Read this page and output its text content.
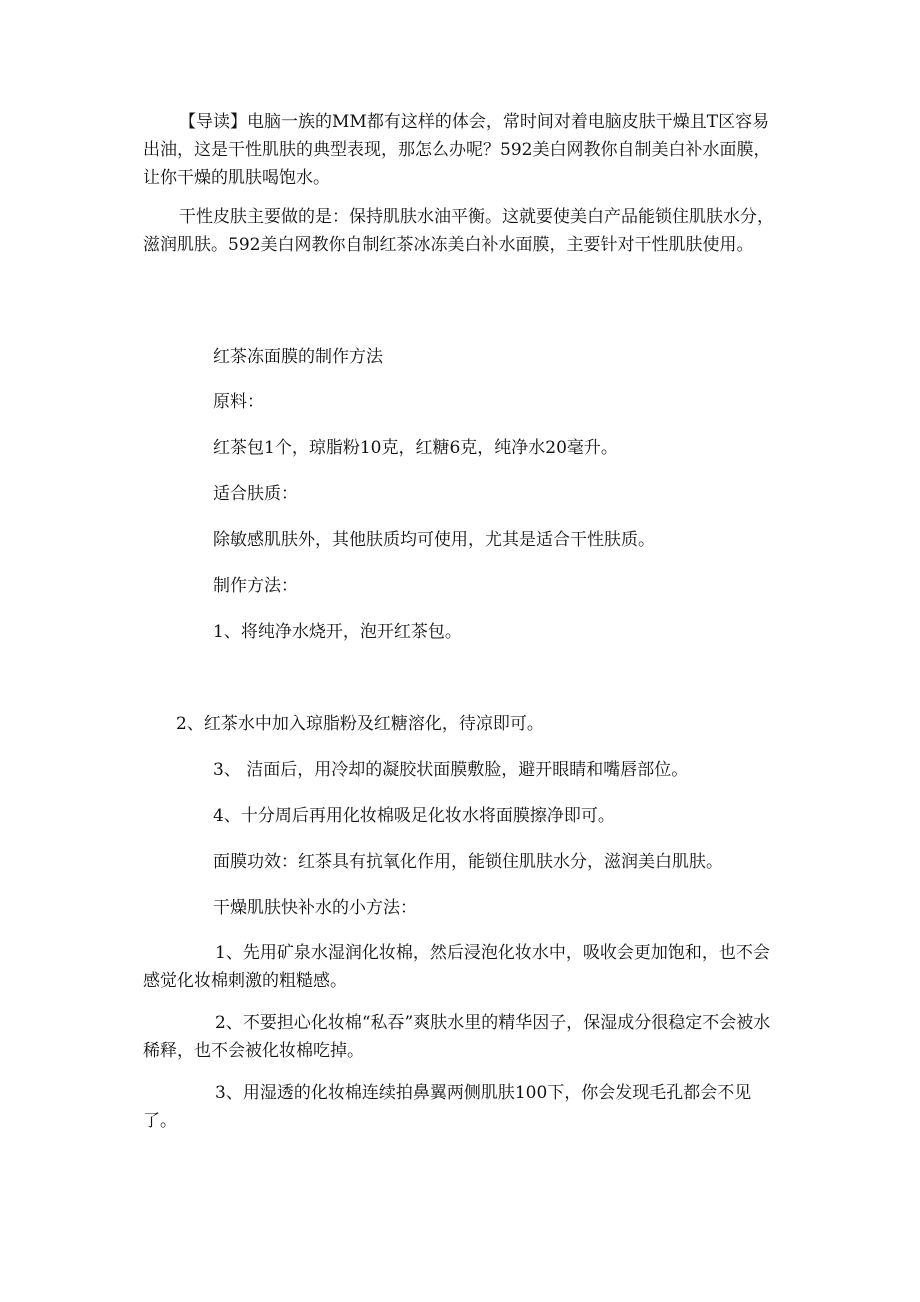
【导读】电脑一族的MM都有这样的体会，常时间对着电脑皮肤干燥且T区容易出油，这是干性肌肤的典型表现，那怎么办呢？592美白网教你自制美白补水面膜，让你干燥的肌肤喝饱水。

干性皮肤主要做的是：保持肌肤水油平衡。这就要使美白产品能锁住肌肤水分，滋润肌肤。592美白网教你自制红茶冰冻美白补水面膜，主要针对干性肌肤使用。

红茶冻面膜的制作方法

原料：

红茶包1个，琼脂粉10克，红糖6克，纯净水20毫升。

适合肤质：

除敏感肌肤外，其他肤质均可使用，尤其是适合干性肤质。

制作方法：

1、将纯净水烧开，泡开红茶包。

2、红茶水中加入琼脂粉及红糖溶化，待凉即可。

3、 洁面后，用冷却的凝胶状面膜敷脸，避开眼睛和嘴唇部位。

4、十分周后再用化妆棉吸足化妆水将面膜擦净即可。

面膜功效：红茶具有抗氧化作用，能锁住肌肤水分，滋润美白肌肤。

干燥肌肤快补水的小方法：

1、先用矿泉水湿润化妆棉，然后浸泡化妆水中，吸收会更加饱和，也不会感觉化妆棉刺激的粗糙感。

2、不要担心化妆棉“私吞”爽肤水里的精华因子，保湿成分很稳定不会被水稀释，也不会被化妆棉吃掉。

3、用湿透的化妆棉连续拍鼻翼两侧肌肤100下，你会发现毛孔都会不见了。
